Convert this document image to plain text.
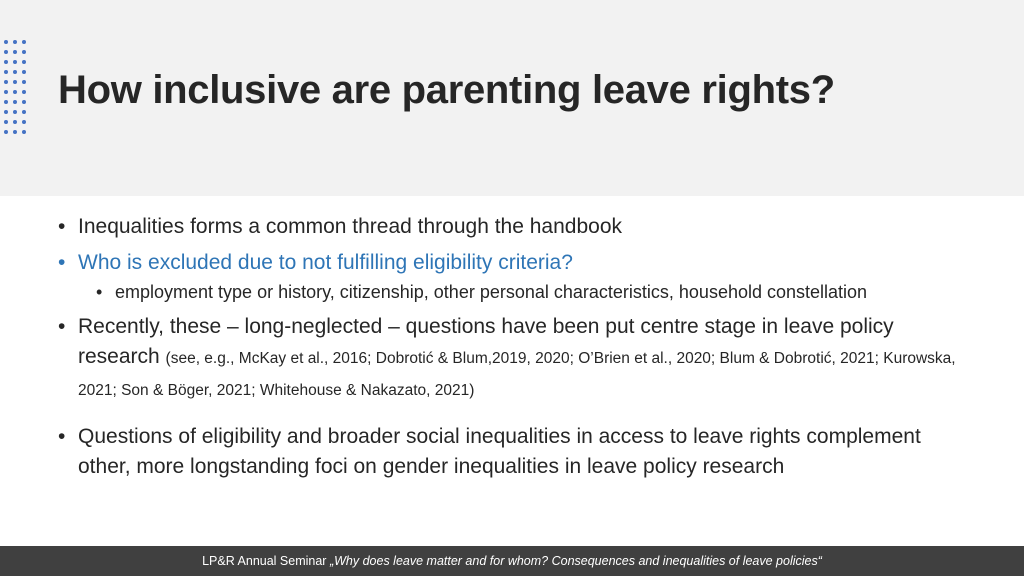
How inclusive are parenting leave rights?
• Inequalities forms a common thread through the handbook
• Who is excluded due to not fulfilling eligibility criteria?
• employment type or history, citizenship, other personal characteristics, household constellation
• Recently, these – long-neglected – questions have been put centre stage in leave policy research (see, e.g., McKay et al., 2016; Dobrotić & Blum,2019, 2020; O’Brien et al., 2020; Blum & Dobrotić, 2021; Kurowska, 2021; Son & Böger, 2021; Whitehouse & Nakazato, 2021)
• Questions of eligibility and broader social inequalities in access to leave rights complement other, more longstanding foci on gender inequalities in leave policy research
LP&R Annual Seminar
„Why does leave matter and for whom? Consequences and inequalities of leave policies“
